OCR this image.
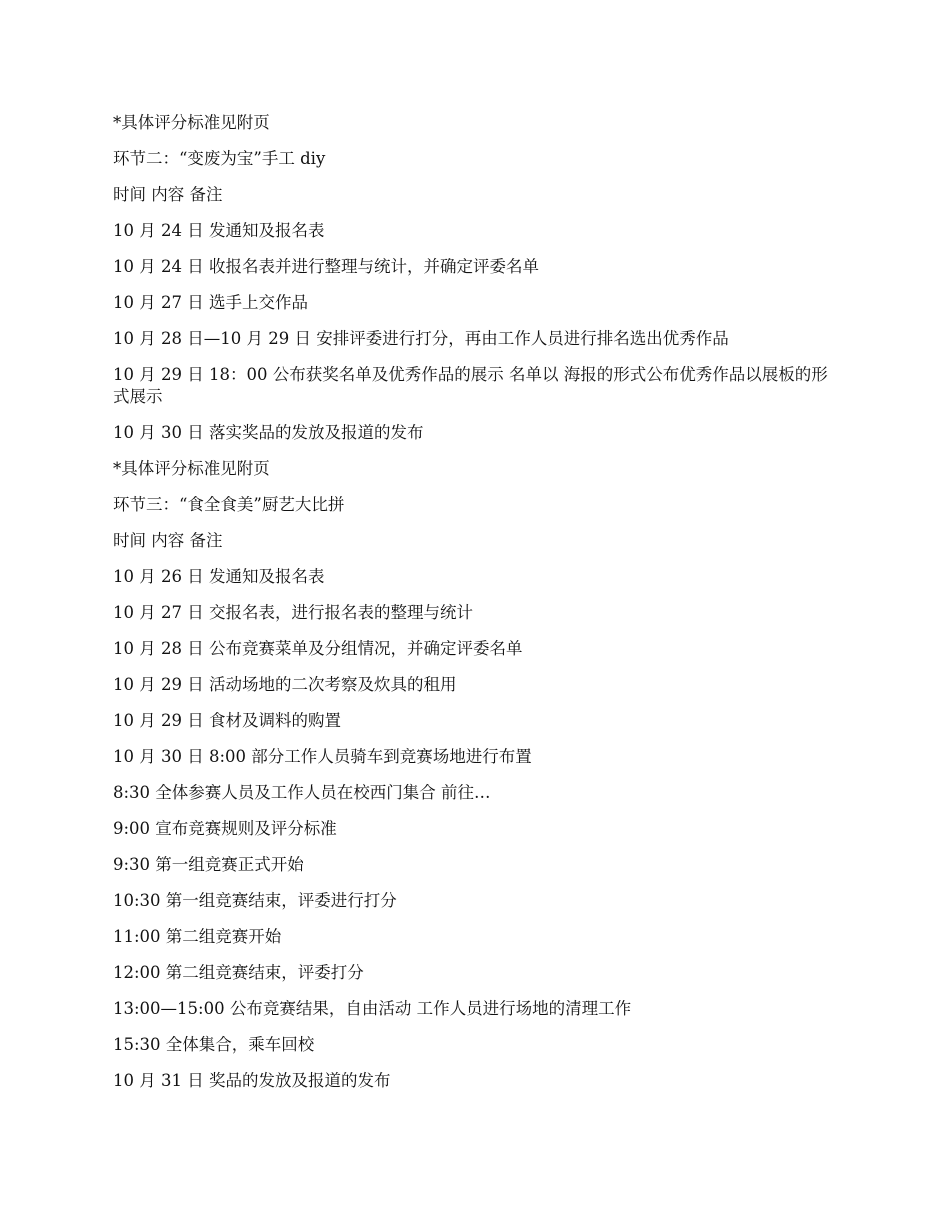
*具体评分标准见附页

环节二：“变废为宝”手工 diy

时间 内容 备注

10 月 24 日 发通知及报名表

10 月 24 日 收报名表并进行整理与统计，并确定评委名单

10 月 27 日 选手上交作品

10 月 28 日—10 月 29 日 安排评委进行打分，再由工作人员进行排名选出优秀作品

10 月 29 日 18：00 公布获奖名单及优秀作品的展示 名单以 海报的形式公布优秀作品以展板的形式展示

10 月 30 日 落实奖品的发放及报道的发布

*具体评分标准见附页

环节三：“食全食美”厨艺大比拼

时间 内容 备注

10 月 26 日 发通知及报名表

10 月 27 日 交报名表，进行报名表的整理与统计

10 月 28 日 公布竞赛菜单及分组情况，并确定评委名单

10 月 29 日 活动场地的二次考察及炊具的租用

10 月 29 日 食材及调料的购置

10 月 30 日 8:00 部分工作人员骑车到竞赛场地进行布置

8:30 全体参赛人员及工作人员在校西门集合 前往…

9:00 宣布竞赛规则及评分标准

9:30 第一组竞赛正式开始

10:30 第一组竞赛结束，评委进行打分

11:00 第二组竞赛开始

12:00 第二组竞赛结束，评委打分

13:00—15:00 公布竞赛结果，自由活动 工作人员进行场地的清理工作

15:30 全体集合，乘车回校

10 月 31 日 奖品的发放及报道的发布
